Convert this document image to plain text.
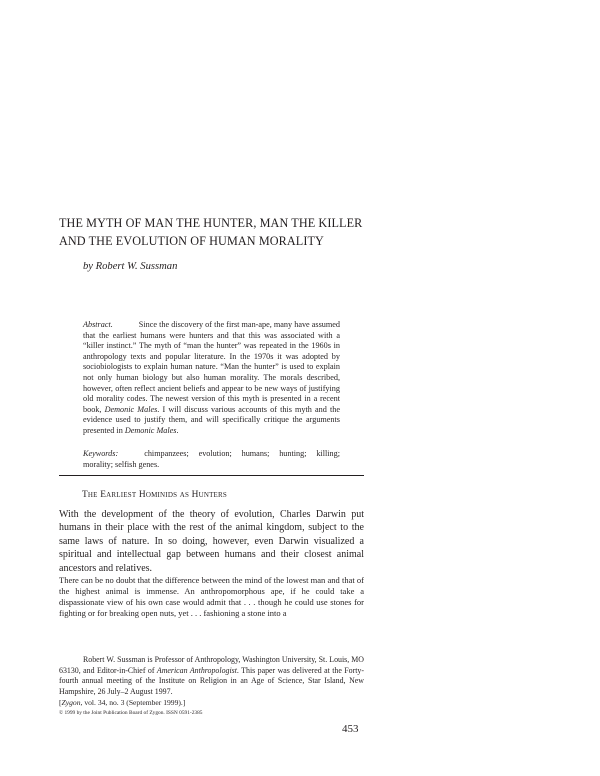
THE MYTH OF MAN THE HUNTER, MAN THE KILLER
AND THE EVOLUTION OF HUMAN MORALITY
by Robert W. Sussman
Abstract.	Since the discovery of the first man-ape, many have assumed that the earliest humans were hunters and that this was associated with a “killer instinct.” The myth of “man the hunter” was repeated in the 1960s in anthropology texts and popular literature. In the 1970s it was adopted by sociobiologists to explain human nature. “Man the hunter” is used to explain not only human biology but also human morality. The morals described, however, often reflect ancient beliefs and appear to be new ways of justifying old morality codes. The newest version of this myth is presented in a recent book, Demonic Males. I will discuss various accounts of this myth and the evidence used to justify them, and will specifically critique the arguments presented in Demonic Males.
Keywords:	chimpanzees; evolution; humans; hunting; killing; morality; selfish genes.
The Earliest Hominids as Hunters
With the development of the theory of evolution, Charles Darwin put humans in their place with the rest of the animal kingdom, subject to the same laws of nature. In so doing, however, even Darwin visualized a spiritual and intellectual gap between humans and their closest animal ancestors and relatives.
There can be no doubt that the difference between the mind of the lowest man and that of the highest animal is immense. An anthropomorphous ape, if he could take a dispassionate view of his own case would admit that . . . though he could use stones for fighting or for breaking open nuts, yet . . . fashioning a stone into a
Robert W. Sussman is Professor of Anthropology, Washington University, St. Louis, MO 63130, and Editor-in-Chief of American Anthropologist. This paper was delivered at the Forty-fourth annual meeting of the Institute on Religion in an Age of Science, Star Island, New Hampshire, 26 July–2 August 1997.
[Zygon, vol. 34, no. 3 (September 1999).]
© 1999 by the Joint Publication Board of Zygon. ISSN 0591-2385
453
